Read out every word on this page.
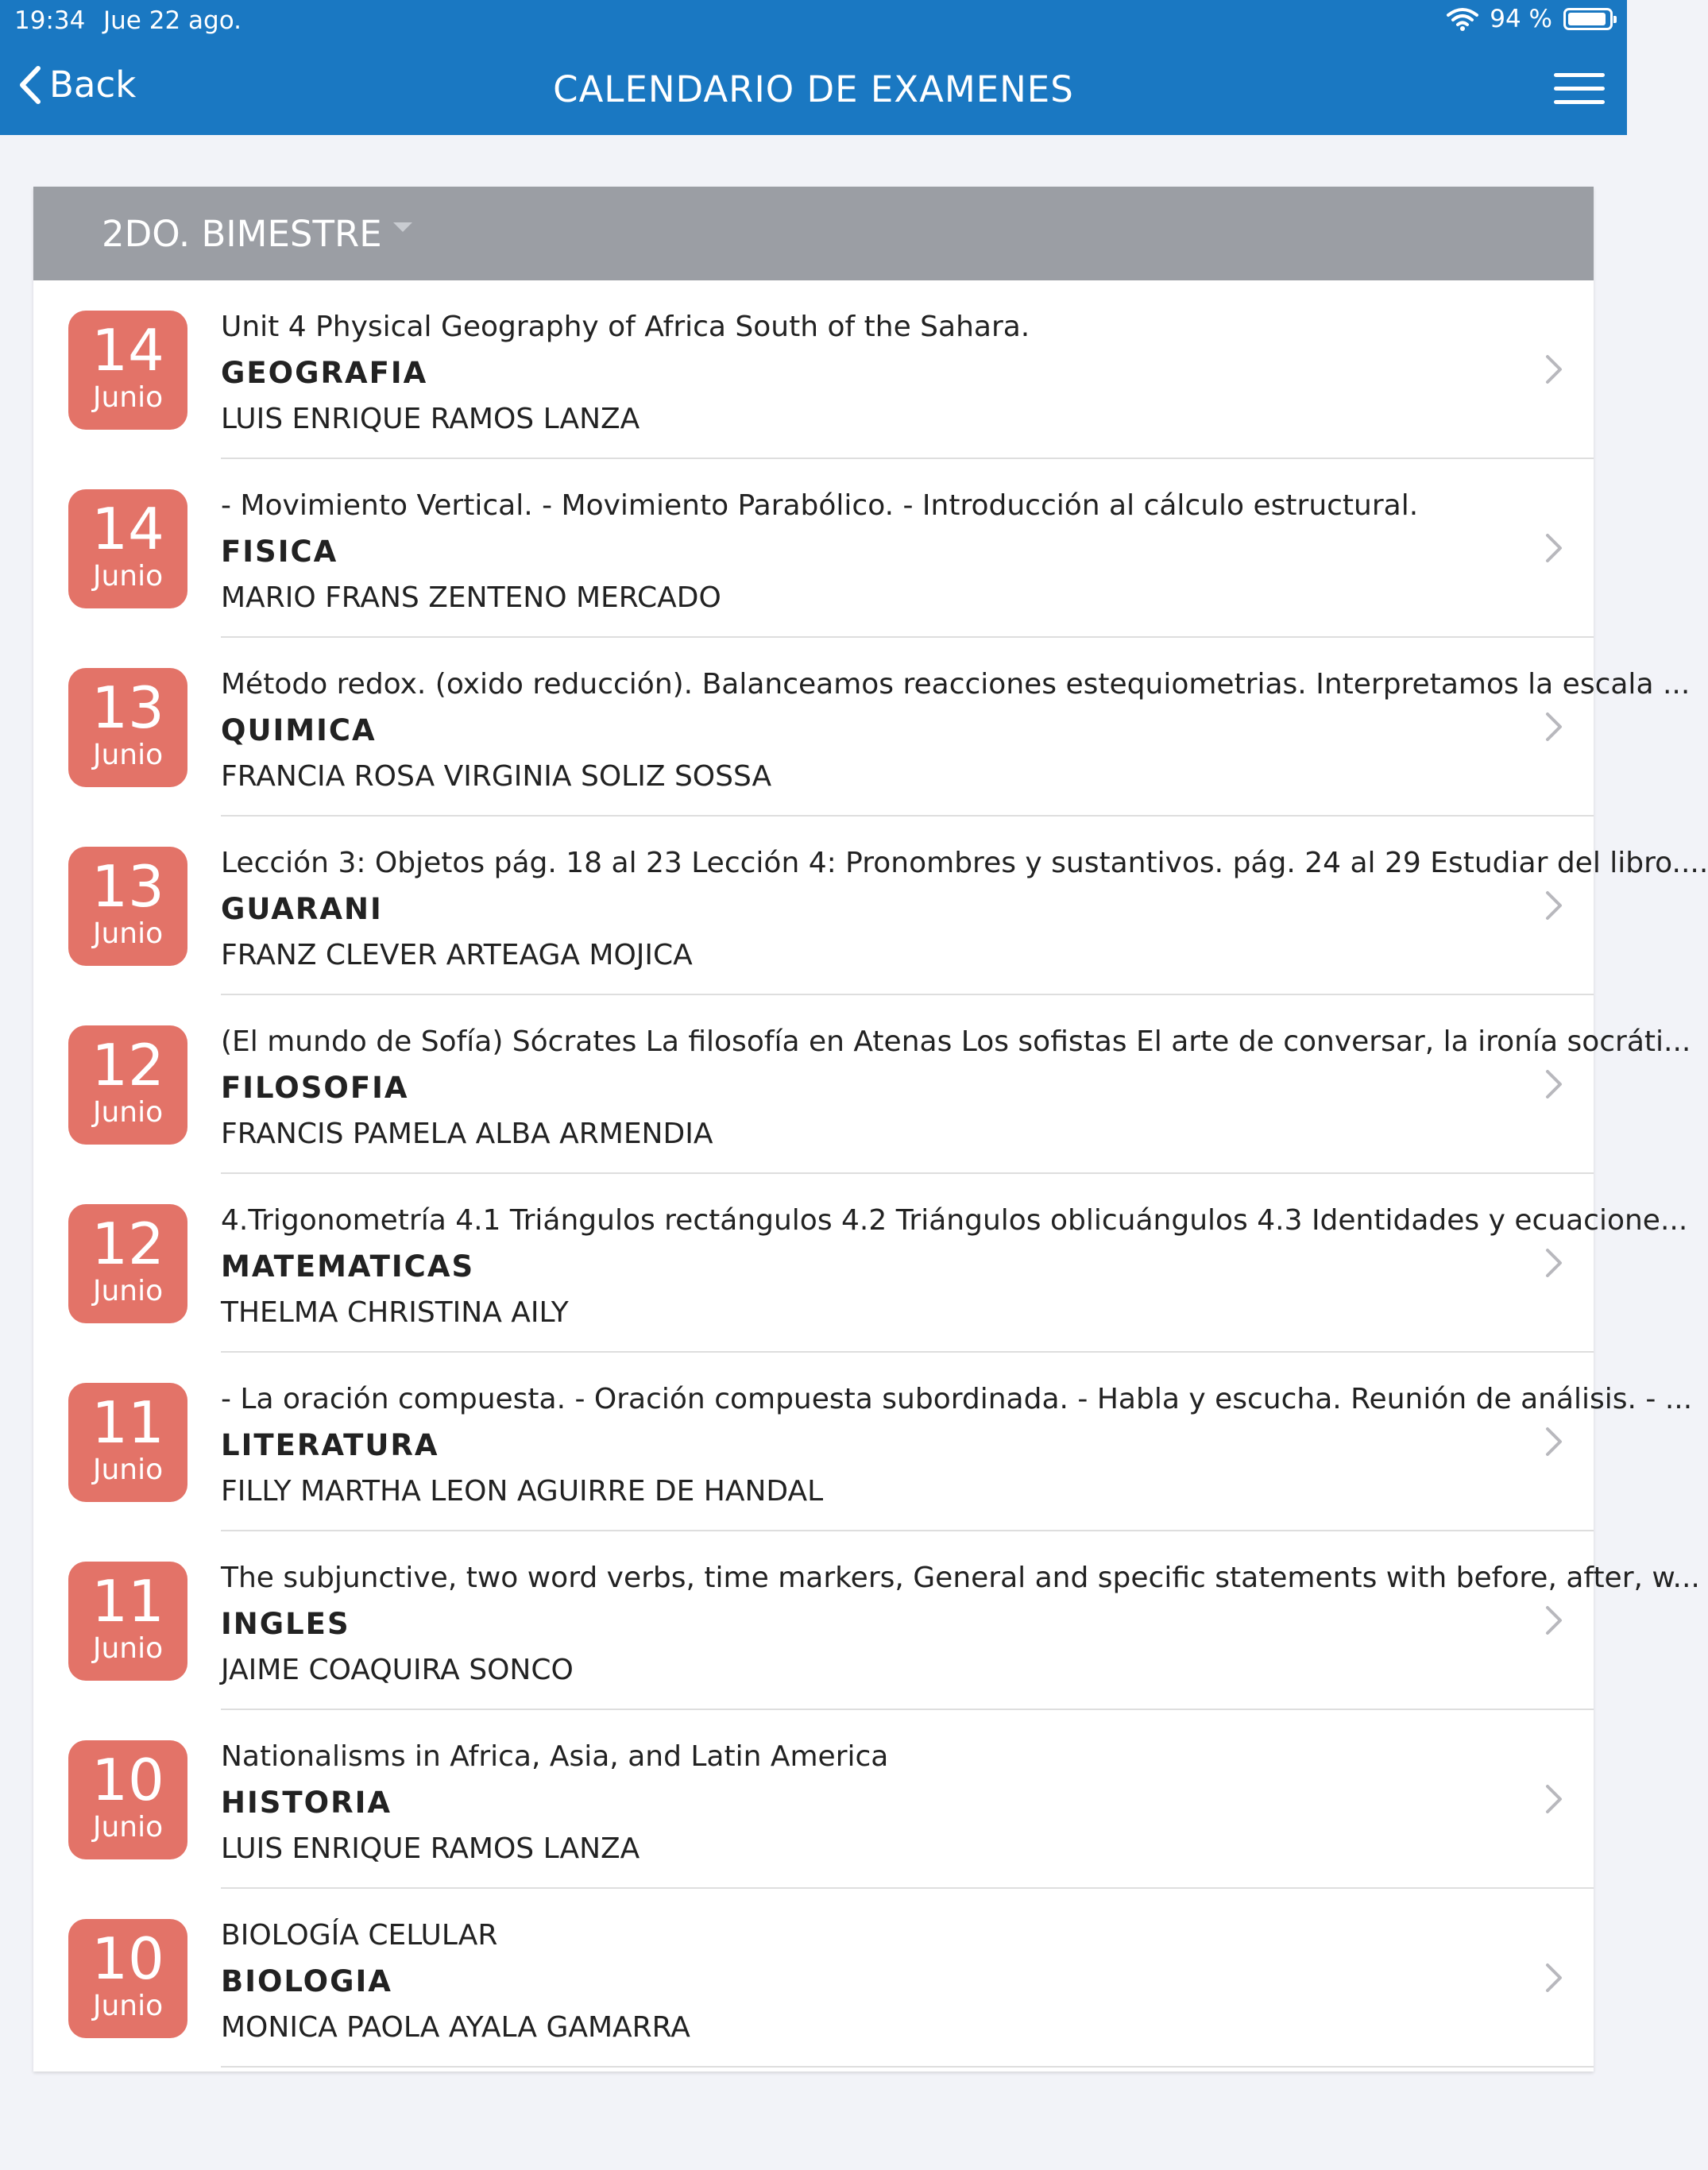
19:34 Jue 22 ago.	94 %
Back	CALENDARIO DE EXAMENES
2DO. BIMESTRE
14
Junio
Unit 4 Physical Geography of Africa South of the Sahara.
GEOGRAFIA
LUIS ENRIQUE RAMOS LANZA
14
Junio
- Movimiento Vertical. - Movimiento Parabólico. - Introducción al cálculo estructural.
FISICA
MARIO FRANS ZENTENO MERCADO
13
Junio
Método redox. (oxido reducción). Balanceamos reacciones estequiometrias. Interpretamos la escala ...
QUIMICA
FRANCIA ROSA VIRGINIA SOLIZ SOSSA
13
Junio
Lección 3: Objetos pág. 18 al 23 Lección 4: Pronombres y sustantivos. pág. 24 al 29 Estudiar del libro....
GUARANI
FRANZ CLEVER ARTEAGA MOJICA
12
Junio
(El mundo de Sofía) Sócrates La filosofía en Atenas Los sofistas El arte de conversar, la ironía socráti...
FILOSOFIA
FRANCIS PAMELA ALBA ARMENDIA
12
Junio
4.Trigonometría 4.1 Triángulos rectángulos 4.2 Triángulos oblicuángulos 4.3 Identidades y ecuacione...
MATEMATICAS
THELMA CHRISTINA AILY
11
Junio
- La oración compuesta. - Oración compuesta subordinada. - Habla y escucha. Reunión de análisis. - ...
LITERATURA
FILLY MARTHA LEON AGUIRRE DE HANDAL
11
Junio
The subjunctive, two word verbs, time markers, General and specific statements with before, after, w...
INGLES
JAIME COAQUIRA SONCO
10
Junio
Nationalisms in Africa, Asia, and Latin America
HISTORIA
LUIS ENRIQUE RAMOS LANZA
10
Junio
BIOLOGÍA CELULAR
BIOLOGIA
MONICA PAOLA AYALA GAMARRA
